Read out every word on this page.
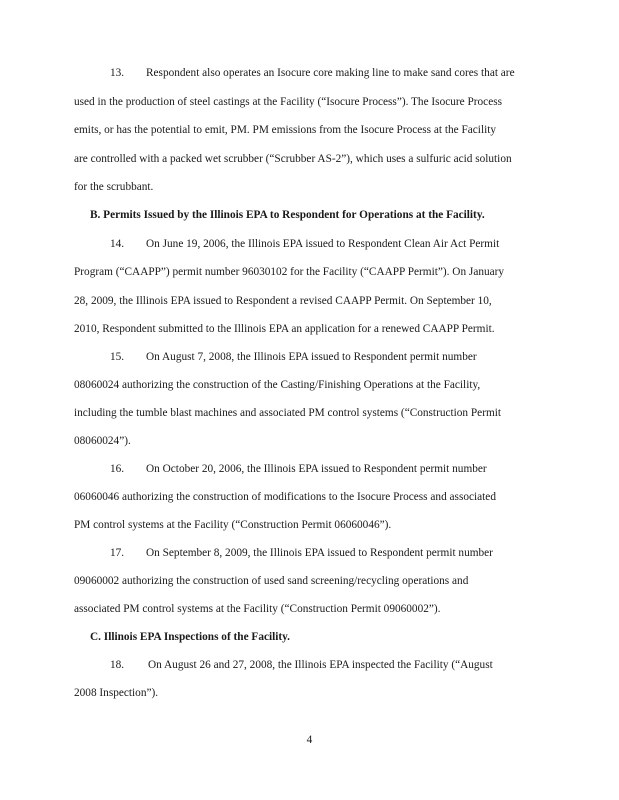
13. Respondent also operates an Isocure core making line to make sand cores that are
used in the production of steel castings at the Facility (“Isocure Process”). The Isocure Process
emits, or has the potential to emit, PM. PM emissions from the Isocure Process at the Facility
are controlled with a packed wet scrubber (“Scrubber AS-2”), which uses a sulfuric acid solution
for the scrubbant.
B. Permits Issued by the Illinois EPA to Respondent for Operations at the Facility.
14. On June 19, 2006, the Illinois EPA issued to Respondent Clean Air Act Permit
Program (“CAAPP”) permit number 96030102 for the Facility (“CAAPP Permit”). On January
28, 2009, the Illinois EPA issued to Respondent a revised CAAPP Permit. On September 10,
2010, Respondent submitted to the Illinois EPA an application for a renewed CAAPP Permit.
15. On August 7, 2008, the Illinois EPA issued to Respondent permit number
08060024 authorizing the construction of the Casting/Finishing Operations at the Facility,
including the tumble blast machines and associated PM control systems (“Construction Permit
08060024”).
16. On October 20, 2006, the Illinois EPA issued to Respondent permit number
06060046 authorizing the construction of modifications to the Isocure Process and associated
PM control systems at the Facility (“Construction Permit 06060046”).
17. On September 8, 2009, the Illinois EPA issued to Respondent permit number
09060002 authorizing the construction of used sand screening/recycling operations and
associated PM control systems at the Facility (“Construction Permit 09060002”).
C. Illinois EPA Inspections of the Facility.
18. On August 26 and 27, 2008, the Illinois EPA inspected the Facility (“August
2008 Inspection”).
4
